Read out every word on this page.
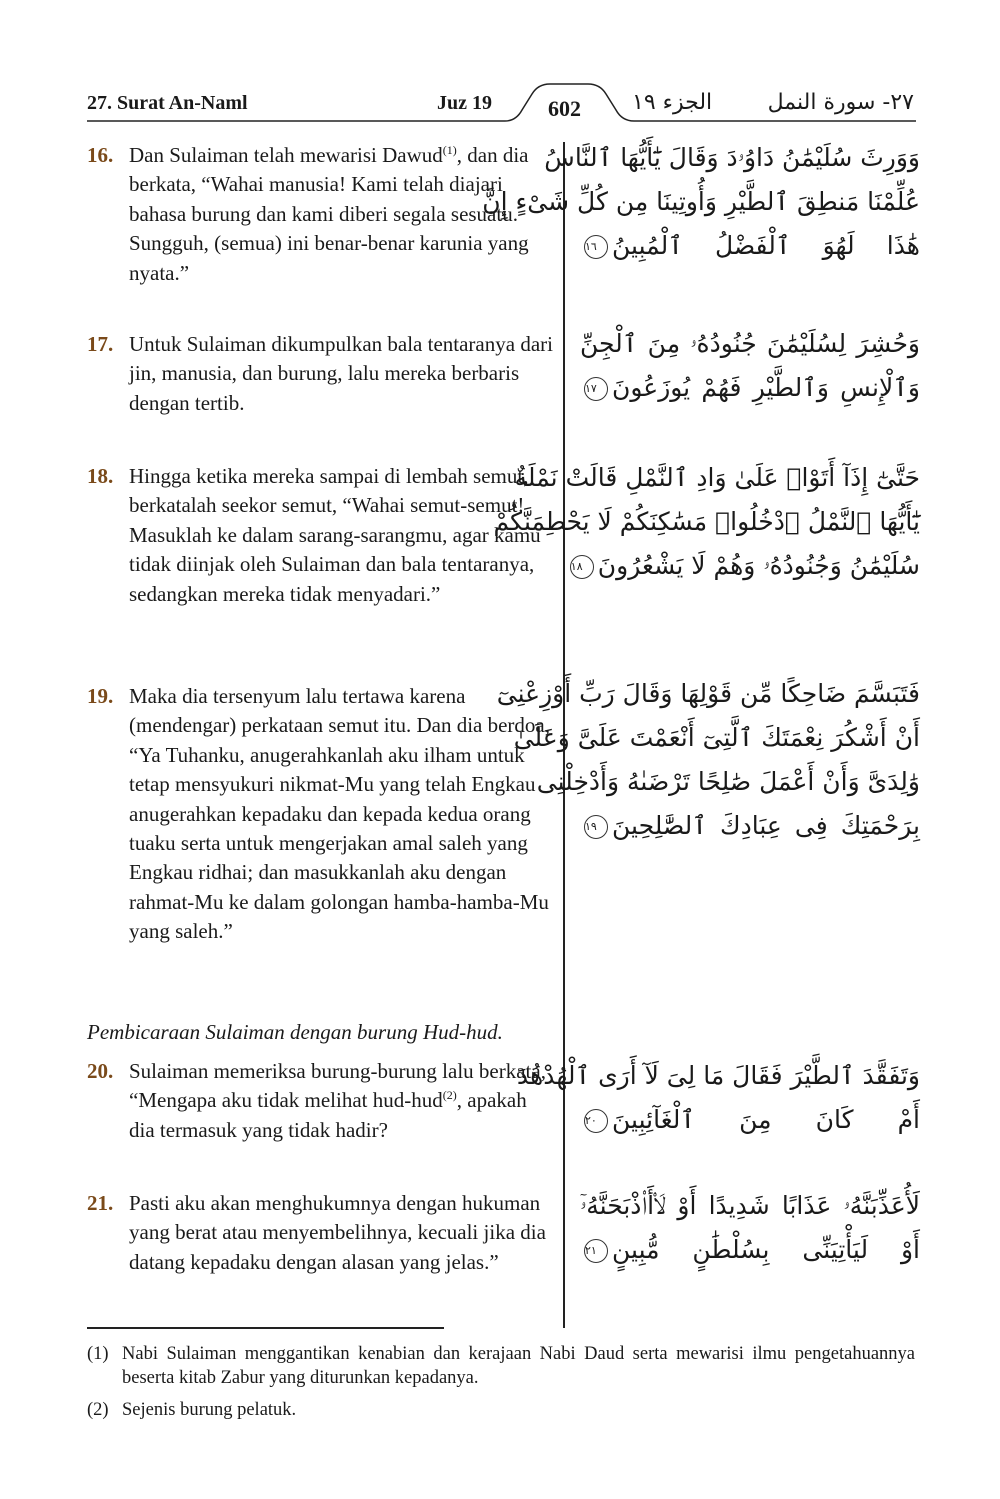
27. Surat An-Naml	Juz 19	602 الجزء ١٩	٢٧- سورة النمل
16. Dan Sulaiman telah mewarisi Dawud$^{(1)}$, dan dia berkata, “Wahai manusia! Kami telah diajari bahasa burung dan kami diberi segala sesuatu. Sungguh, (semua) ini benar-benar karunia yang nyata.”
وَوَرِثَ سُلَيْمَٰنُ دَاوُۥدَ وَقَالَ يَٰٓأَيُّهَا ٱلنَّاسُ
عُلِّمْنَا مَنطِقَ ٱلطَّيْرِ وَأُوتِينَا مِن كُلِّ شَىْءٍ إِنَّ
هَٰذَا لَهُوَ ٱلْفَضْلُ ٱلْمُبِينُ١٦
17. Untuk Sulaiman dikumpulkan bala tentaranya dari jin, manusia, dan burung, lalu mereka berbaris dengan tertib.
وَحُشِرَ لِسُلَيْمَٰنَ جُنُودُهُۥ مِنَ ٱلْجِنِّ
وَٱلْإِنسِ وَٱلطَّيْرِ فَهُمْ يُوزَعُونَ١٧
18. Hingga ketika mereka sampai di lembah semut, berkatalah seekor semut, “Wahai semut-semut! Masuklah ke dalam sarang-sarangmu, agar kamu tidak diinjak oleh Sulaiman dan bala tentaranya, sedangkan mereka tidak menyadari.”
حَتَّىٰٓ إِذَآ أَتَوْا۟ عَلَىٰ وَادِ ٱلنَّمْلِ قَالَتْ نَمْلَةٌ
يَٰٓأَيُّهَا ٱلنَّمْلُ ٱدْخُلُوا۟ مَسَٰكِنَكُمْ لَا يَحْطِمَنَّكُمْ
سُلَيْمَٰنُ وَجُنُودُهُۥ وَهُمْ لَا يَشْعُرُونَ١٨
19. Maka dia tersenyum lalu tertawa karena (mendengar) perkataan semut itu. Dan dia berdoa, “Ya Tuhanku, anugerahkanlah aku ilham untuk tetap mensyukuri nikmat-Mu yang telah Engkau anugerahkan kepadaku dan kepada kedua orang tuaku serta untuk mengerjakan amal saleh yang Engkau ridhai; dan masukkanlah aku dengan rahmat-Mu ke dalam golongan hamba-hamba-Mu yang saleh.”
فَتَبَسَّمَ ضَاحِكًا مِّن قَوْلِهَا وَقَالَ رَبِّ أَوْزِعْنِىٓ
أَنْ أَشْكُرَ نِعْمَتَكَ ٱلَّتِىٓ أَنْعَمْتَ عَلَىَّ وَعَلَىٰ
وَٰلِدَىَّ وَأَنْ أَعْمَلَ صَٰلِحًا تَرْضَىٰهُ وَأَدْخِلْنِى
بِرَحْمَتِكَ فِى عِبَادِكَ ٱلصَّٰلِحِينَ١٩
Pembicaraan Sulaiman dengan burung Hud-hud.
20. Sulaiman memeriksa burung-burung lalu berkata, “Mengapa aku tidak melihat hud-hud$^{(2)}$, apakah dia termasuk yang tidak hadir?
وَتَفَقَّدَ ٱلطَّيْرَ فَقَالَ مَا لِىَ لَآ أَرَى ٱلْهُدْهُدَ
أَمْ كَانَ مِنَ ٱلْغَآئِبِينَ٢٠
21. Pasti aku akan menghukumnya dengan hukuman yang berat atau menyembelihnya, kecuali jika dia datang kepadaku dengan alasan yang jelas.”
لَأُعَذِّبَنَّهُۥ عَذَابًا شَدِيدًا أَوْ لَا۟أَا۟ذْبَحَنَّهُۥٓ
أَوْ لَيَأْتِيَنِّى بِسُلْطَٰنٍ مُّبِينٍ٢١
(1) Nabi Sulaiman menggantikan kenabian dan kerajaan Nabi Daud serta mewarisi ilmu pengetahuannya beserta kitab Zabur yang diturunkan kepadanya.
(2) Sejenis burung pelatuk.
